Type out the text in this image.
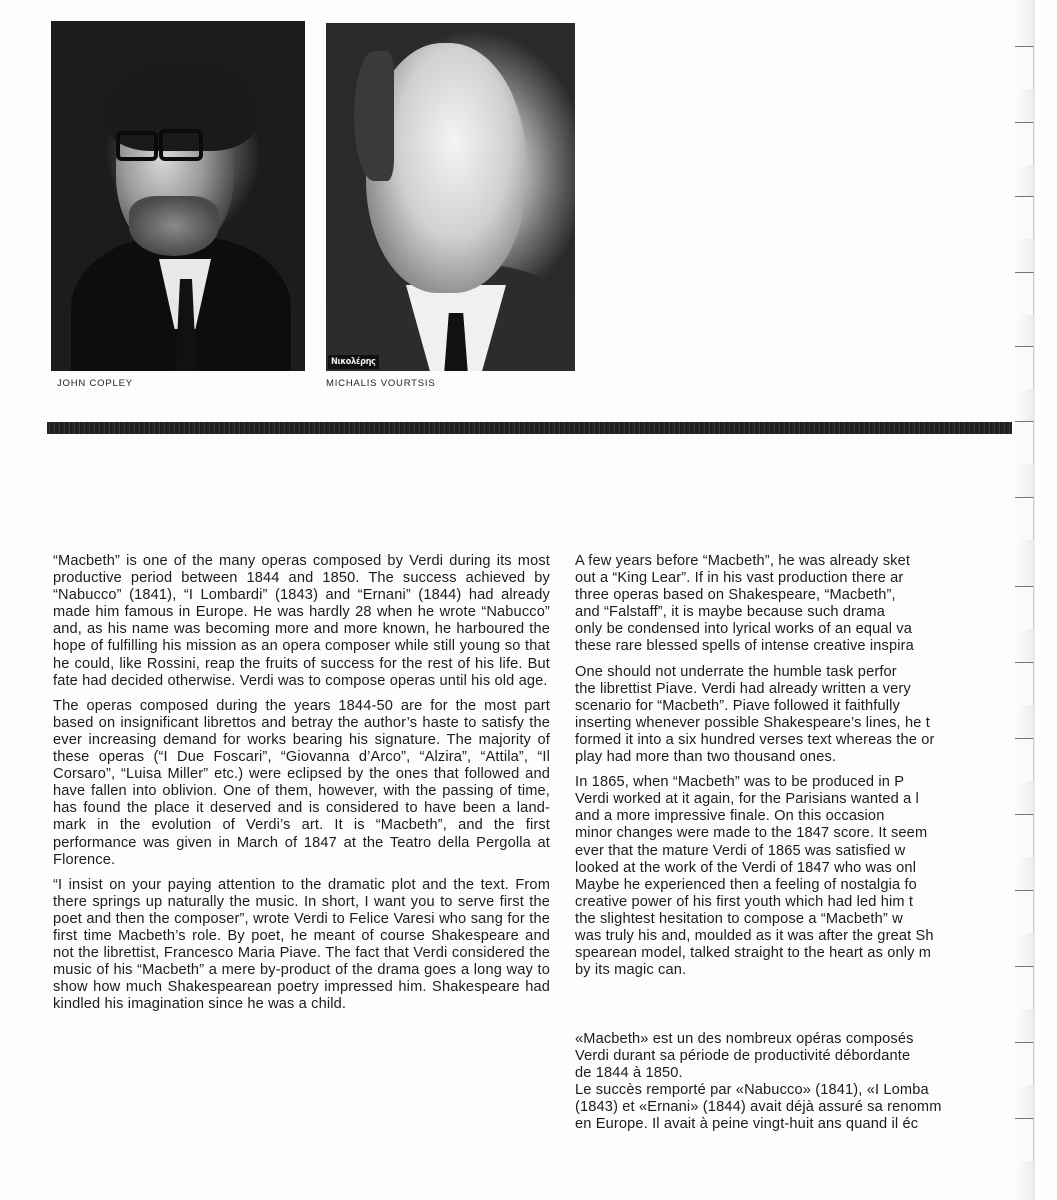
JOHN COPLEY
Νικολέρης
MICHALIS VOURTSIS

“Macbeth” is one of the many operas composed by Verdi during its most productive period between 1844 and 1850. The success achieved by “Nabucco” (1841), “I Lombardi” (1843) and “Ernani” (1844) had already made him famous in Europe. He was hardly 28 when he wrote “Nabucco” and, as his name was becoming more and more known, he harboured the hope of fulfilling his mission as an opera composer while still young so that he could, like Rossini, reap the fruits of success for the rest of his life. But fate had decided otherwise. Verdi was to compose operas until his old age.

The operas composed during the years 1844-50 are for the most part based on insignificant librettos and betray the author’s haste to satisfy the ever increasing demand for works bearing his signature. The majority of these operas (“I Due Foscari”, “Giovanna d’Arco”, “Alzira”, “Attila”, “Il Corsaro”, “Luisa Miller” etc.) were eclipsed by the ones that followed and have fallen into oblivion. One of them, however, with the passing of time, has found the place it deserved and is considered to have been a land-mark in the evolution of Verdi’s art. It is “Macbeth”, and the first performance was given in March of 1847 at the Teatro della Pergolla at Florence.

“I insist on your paying attention to the dramatic plot and the text. From there springs up naturally the music. In short, I want you to serve first the poet and then the composer”, wrote Verdi to Felice Varesi who sang for the first time Macbeth’s role. By poet, he meant of course Shakespeare and not the librettist, Francesco Maria Piave. The fact that Verdi considered the music of his “Macbeth” a mere by-product of the drama goes a long way to show how much Shakespearean poetry impressed him. Shakespeare had kindled his imagination since he was a child.

A few years before “Macbeth”, he was already sket
out a “King Lear”. If in his vast production there ar
three operas based on Shakespeare, “Macbeth”,
and “Falstaff”, it is maybe because such drama
only be condensed into lyrical works of an equal va
these rare blessed spells of intense creative inspira

One should not underrate the humble task perfor
the librettist Piave. Verdi had already written a very
scenario for “Macbeth”. Piave followed it faithfully
inserting whenever possible Shakespeare’s lines, he t
formed it into a six hundred verses text whereas the or
play had more than two thousand ones.

In 1865, when “Macbeth” was to be produced in P
Verdi worked at it again, for the Parisians wanted a l
and a more impressive finale. On this occasion
minor changes were made to the 1847 score. It seem
ever that the mature Verdi of 1865 was satisfied w
looked at the work of the Verdi of 1847 who was onl
Maybe he experienced then a feeling of nostalgia fo
creative power of his first youth which had led him t
the slightest hesitation to compose a “Macbeth” w
was truly his and, moulded as it was after the great Sh
spearean model, talked straight to the heart as only m
by its magic can.

«Macbeth» est un des nombreux opéras composés
Verdi durant sa période de productivité débordante
de 1844 à 1850.
Le succès remporté par «Nabucco» (1841), «I Lomba
(1843) et «Ernani» (1844) avait déjà assuré sa renomm
en Europe. Il avait à peine vingt-huit ans quand il éc
